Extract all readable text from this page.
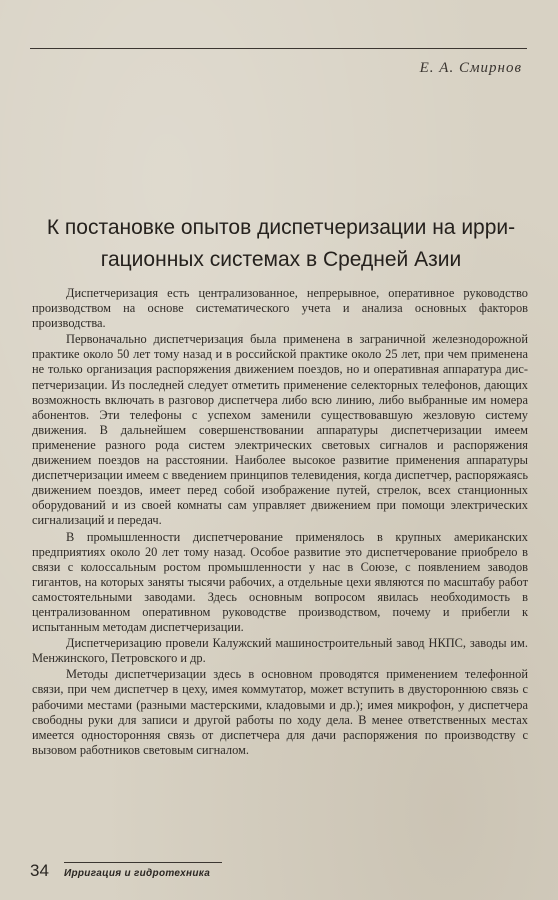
Е. А. Смирнов
К постановке опытов диспетчеризации на ирри-
гационных системах в Средней Азии

Диспетчеризация есть централизованное, непрерывное, оперативное руководство производством на основе систематического учета и анализа основных факторов производства.

Первоначально диспетчеризация была применена в заграничной железнодорожной практике около 50 лет тому назад и в российской практике около 25 лет, при чем применена не только организация распоряжения движением поездов, но и оперативная аппаратура диспетчеризации. Из последней следует отметить применение селекторных телефонов, дающих возможность включать в разговор диспетчера либо всю линию, либо выбранные им номера абонентов. Эти телефоны с успехом заменили существовавшую жезловую систему движения. В дальнейшем совершенствовании аппаратуры диспетчеризации имеем применение разного рода систем электрических световых сигналов и распоряжения движением поездов на расстоянии. Наиболее высокое развитие применения аппаратуры диспетчеризации имеем с введением принципов телевидения, когда диспетчер, распоряжаясь движением поездов, имеет перед собой изображение путей, стрелок, всех станционных оборудований и из своей комнаты сам управляет движением при помощи электрических сигнализаций и передач.

В промышленности диспетчерование применялось в крупных американских предприятиях около 20 лет тому назад. Особое развитие это диспетчерование приобрело в связи с колоссальным ростом промышленности у нас в Союзе, с появлением заводов гигантов, на которых заняты тысячи рабочих, а отдельные цехи являются по масштабу работ самостоятельными заводами. Здесь основным вопросом явилась необходимость в централизованном оперативном руководстве производством, почему и прибегли к испытанным методам диспетчеризации.

Диспетчеризацию провели Калужский машиностроительный завод НКПС, заводы им. Менжинского, Петровского и др.

Методы диспетчеризации здесь в основном проводятся применением телефонной связи, при чем диспетчер в цеху, имея коммутатор, может вступить в двустороннюю связь с рабочими местами (разными мастерскими, кладовыми и др.); имея микрофон, у диспетчера свободны руки для записи и другой работы по ходу дела. В менее ответственных местах имеется односторонняя связь от диспетчера для дачи распоряжения по производству с вызовом работников световым сигналом.

34 Ирригация и гидротехника
